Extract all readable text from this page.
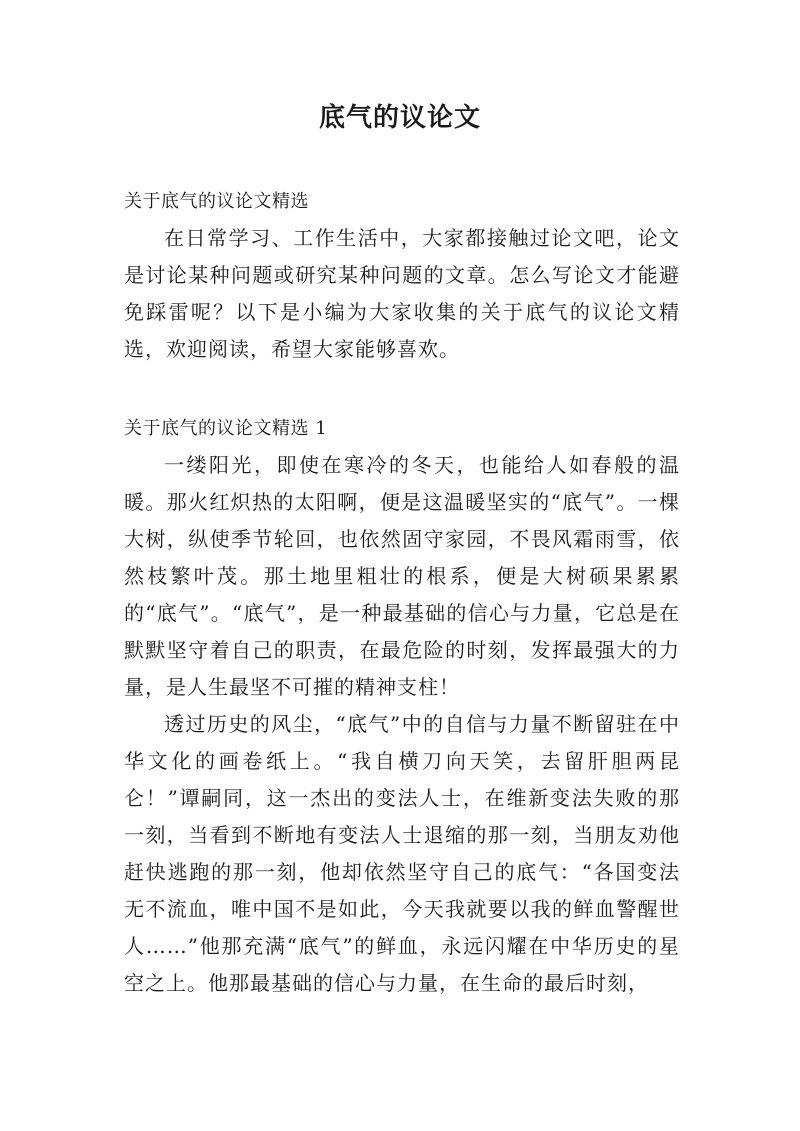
底气的议论文
关于底气的议论文精选

在日常学习、工作生活中，大家都接触过论文吧，论文是讨论某种问题或研究某种问题的文章。怎么写论文才能避免踩雷呢？以下是小编为大家收集的关于底气的议论文精选，欢迎阅读，希望大家能够喜欢。

关于底气的议论文精选 1

一缕阳光，即使在寒冷的冬天，也能给人如春般的温暖。那火红炽热的太阳啊，便是这温暖坚实的“底气”。一棵大树，纵使季节轮回，也依然固守家园，不畏风霜雨雪，依然枝繁叶茂。那土地里粗壮的根系，便是大树硕果累累的“底气”。“底气”，是一种最基础的信心与力量，它总是在默默坚守着自己的职责，在最危险的时刻，发挥最强大的力量，是人生最坚不可摧的精神支柱！

透过历史的风尘，“底气”中的自信与力量不断留驻在中华文化的画卷纸上。“我自横刀向天笑，去留肝胆两昆仑！”谭嗣同，这一杰出的变法人士，在维新变法失败的那一刻，当看到不断地有变法人士退缩的那一刻，当朋友劝他赶快逃跑的那一刻，他却依然坚守自己的底气：“各国变法无不流血，唯中国不是如此，今天我就要以我的鲜血警醒世人……”他那充满“底气”的鲜血，永远闪耀在中华历史的星空之上。他那最基础的信心与力量，在生命的最后时刻，
